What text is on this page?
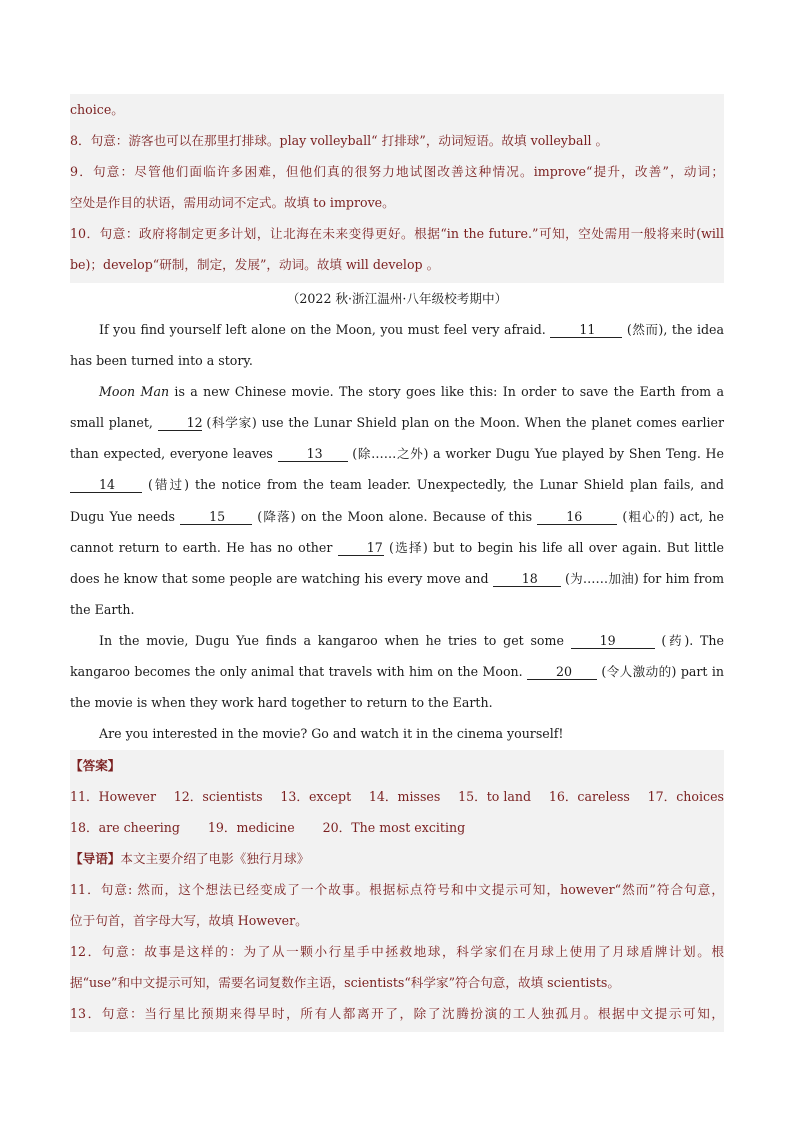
choice。
8．句意：游客也可以在那里打排球。play volleyball“ 打排球”，动词短语。故填 volleyball 。
9．句意：尽管他们面临许多困难，但他们真的很努力地试图改善这种情况。improve“提升，改善”，动词；
空处是作目的状语，需用动词不定式。故填 to improve。
10．句意：政府将制定更多计划，让北海在未来变得更好。根据“in the future.”可知，空处需用一般将来时(will
be)；develop“研制，制定，发展”，动词。故填 will develop 。
（2022 秋·浙江温州·八年级校考期中）

If you find yourself left alone on the Moon, you must feel very afraid. 11 (然而), the idea has been turned into a story.

Moon Man is a new Chinese movie. The story goes like this: In order to save the Earth from a small planet, 12 (科学家) use the Lunar Shield plan on the Moon. When the planet comes earlier than expected, everyone leaves 13 (除……之外) a worker Dugu Yue played by Shen Teng. He 14 (错过) the notice from the team leader. Unexpectedly, the Lunar Shield plan fails, and Dugu Yue needs 15 (降落) on the Moon alone. Because of this 16	(粗心的) act, he cannot return to earth. He has no other 17 (选择) but to begin his life all over again. But little does he know that some people are watching his every move and 18 (为……加油) for him from the Earth.

In the movie, Dugu Yue finds a kangaroo when he tries to get some 19	(药). The kangaroo becomes the only animal that travels with him on the Moon. 20 (令人激动的) part in the movie is when they work hard together to return to the Earth.

Are you interested in the movie? Go and watch it in the cinema yourself!

【答案】
11．However 12．scientists 13．except 14．misses 15．to land 16．careless 17．choices
18．are cheering 19．medicine 20．The most exciting
【导语】本文主要介绍了电影《独行月球》
11．句意: 然而，这个想法已经变成了一个故事。根据标点符号和中文提示可知，however“然而”符合句意，
位于句首，首字母大写，故填 However。
12．句意：故事是这样的：为了从一颗小行星手中拯救地球，科学家们在月球上使用了月球盾牌计划。根
据“use”和中文提示可知，需要名词复数作主语，scientists“科学家”符合句意，故填 scientists。
13．句意：当行星比预期来得早时，所有人都离开了，除了沈腾扮演的工人独孤月。根据中文提示可知，
